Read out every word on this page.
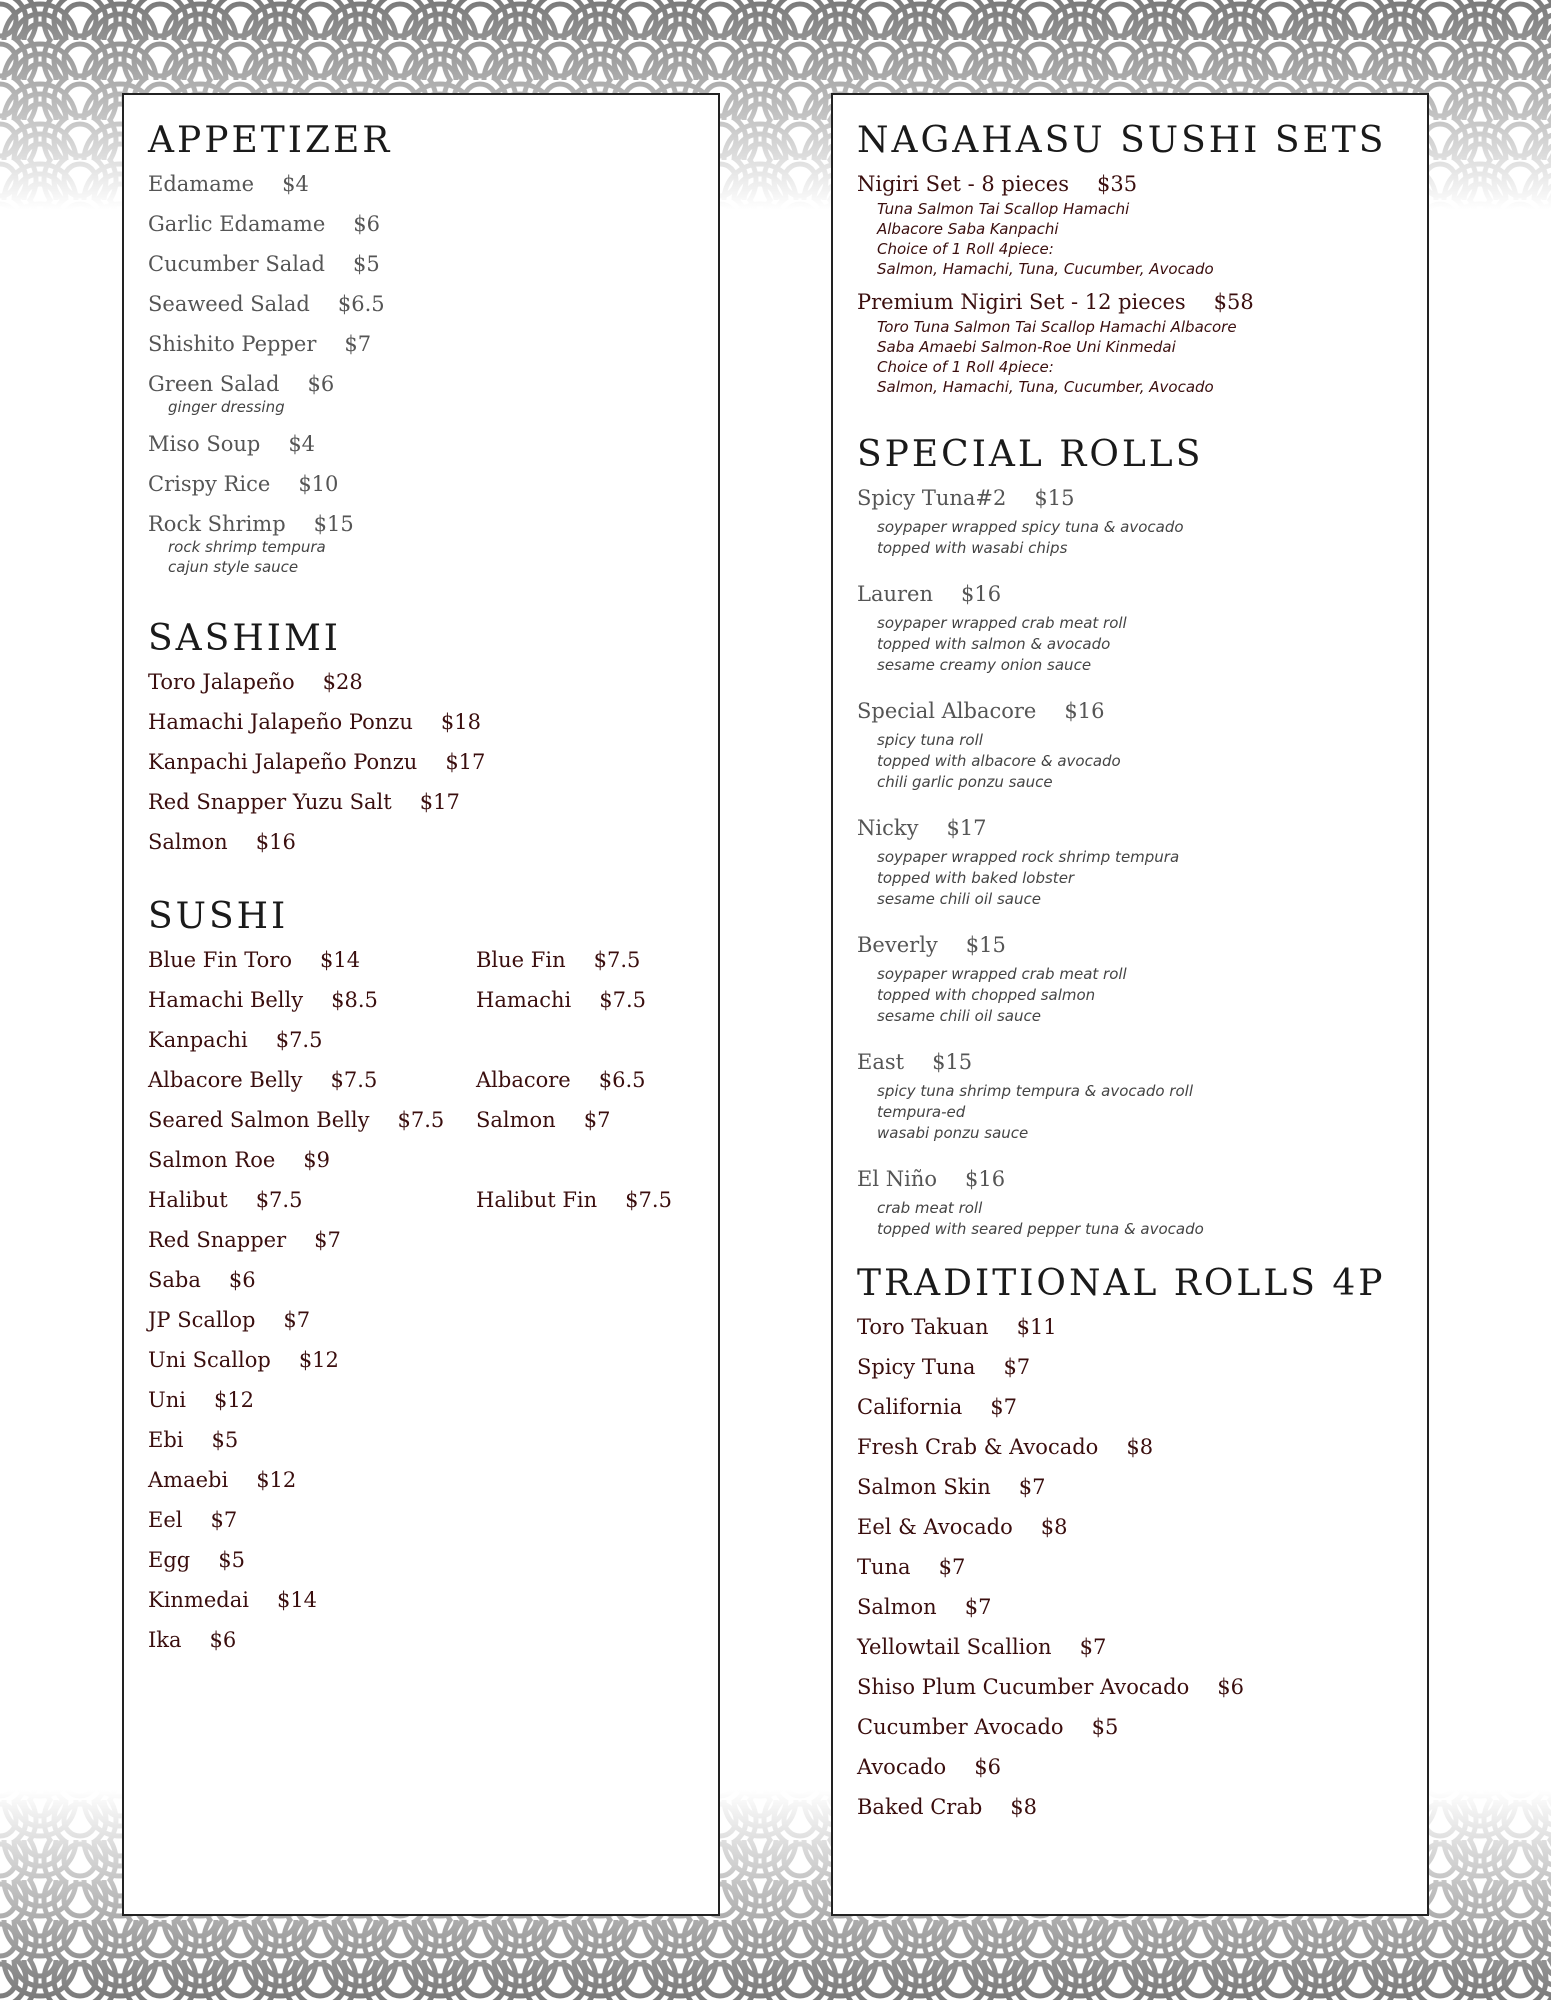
APPETIZER
Edamame $4
Garlic Edamame $6
Cucumber Salad $5
Seaweed Salad $6.5
Shishito Pepper $7
Green Salad $6
ginger dressing
Miso Soup $4
Crispy Rice $10
Rock Shrimp $15
rock shrimp tempura
cajun style sauce
SASHIMI
Toro Jalapeño $28
Hamachi Jalapeño Ponzu $18
Kanpachi Jalapeño Ponzu $17
Red Snapper Yuzu Salt $17
Salmon $16
SUSHI
Blue Fin Toro $14	Blue Fin $7.5
Hamachi Belly $8.5	Hamachi $7.5
Kanpachi $7.5
Albacore Belly $7.5	Albacore $6.5
Seared Salmon Belly $7.5	Salmon $7
Salmon Roe $9
Halibut $7.5	Halibut Fin $7.5
Red Snapper $7
Saba $6
JP Scallop $7
Uni Scallop $12
Uni $12
Ebi $5
Amaebi $12
Eel $7
Egg $5
Kinmedai $14
Ika $6
NAGAHASU SUSHI SETS
Nigiri Set - 8 pieces $35
Tuna Salmon Tai Scallop Hamachi
Albacore Saba Kanpachi
Choice of 1 Roll 4piece:
Salmon, Hamachi, Tuna, Cucumber, Avocado
Premium Nigiri Set - 12 pieces $58
Toro Tuna Salmon Tai Scallop Hamachi Albacore
Saba Amaebi Salmon-Roe Uni Kinmedai
Choice of 1 Roll 4piece:
Salmon, Hamachi, Tuna, Cucumber, Avocado
SPECIAL ROLLS
Spicy Tuna#2 $15
soypaper wrapped spicy tuna & avocado
topped with wasabi chips
Lauren $16
soypaper wrapped crab meat roll
topped with salmon & avocado
sesame creamy onion sauce
Special Albacore $16
spicy tuna roll
topped with albacore & avocado
chili garlic ponzu sauce
Nicky $17
soypaper wrapped rock shrimp tempura
topped with baked lobster
sesame chili oil sauce
Beverly $15
soypaper wrapped crab meat roll
topped with chopped salmon
sesame chili oil sauce
East $15
spicy tuna shrimp tempura & avocado roll
tempura-ed
wasabi ponzu sauce
El Niño $16
crab meat roll
topped with seared pepper tuna & avocado
TRADITIONAL ROLLS 4P
Toro Takuan $11
Spicy Tuna $7
California $7
Fresh Crab & Avocado $8
Salmon Skin $7
Eel & Avocado $8
Tuna $7
Salmon $7
Yellowtail Scallion $7
Shiso Plum Cucumber Avocado $6
Cucumber Avocado $5
Avocado $6
Baked Crab $8
